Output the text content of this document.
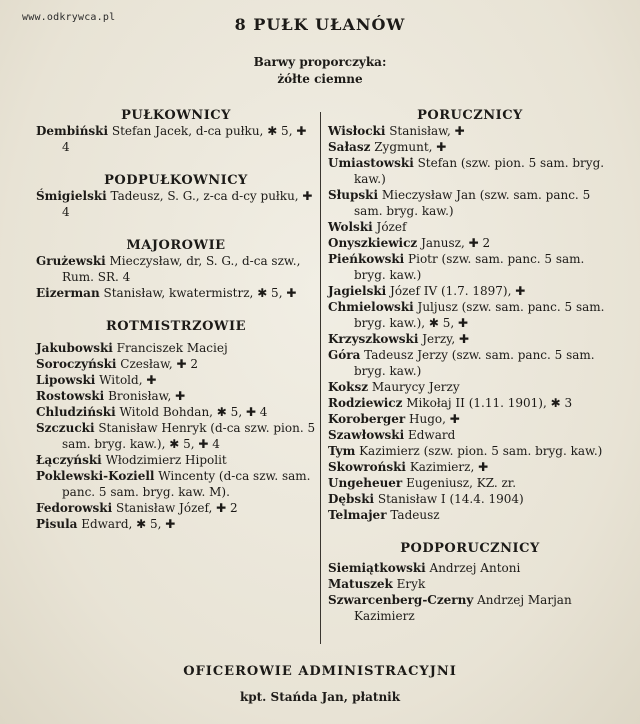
www.odkrywca.pl	8 PUŁK UŁANÓW
Barwy proporczyka:
żółte ciemne

PUŁKOWNICY

Dembiński Stefan Jacek, d-ca pułku, ✱ 5, ✚ 4

PODPUŁKOWNICY

Śmigielski Tadeusz, S. G., z-ca d-cy pułku, ✚ 4

MAJOROWIE

Grużewski Mieczysław, dr, S. G., d-ca szw., Rum. SR. 4

Eizerman Stanisław, kwatermistrz, ✱ 5, ✚

ROTMISTRZOWIE

Jakubowski Franciszek Maciej

Soroczyński Czesław, ✚ 2

Lipowski Witold, ✚

Rostowski Bronisław, ✚

Chludziński Witold Bohdan, ✱ 5, ✚ 4

Szczucki Stanisław Henryk (d-ca szw. pion. 5 sam. bryg. kaw.), ✱ 5, ✚ 4

Łączyński Włodzimierz Hipolit

Poklewski-Koziell Wincenty (d-ca szw. sam. panc. 5 sam. bryg. kaw. M).

Fedorowski Stanisław Józef, ✚ 2

Pisula Edward, ✱ 5, ✚

PORUCZNICY

Wisłocki Stanisław, ✚

Sałasz Zygmunt, ✚

Umiastowski Stefan (szw. pion. 5 sam. bryg. kaw.)

Słupski Mieczysław Jan (szw. sam. panc. 5 sam. bryg. kaw.)

Wolski Józef

Onyszkiewicz Janusz, ✚ 2

Pieńkowski Piotr (szw. sam. panc. 5 sam. bryg. kaw.)

Jagielski Józef IV (1.7. 1897), ✚

Chmielowski Juljusz (szw. sam. panc. 5 sam. bryg. kaw.), ✱ 5, ✚

Krzyszkowski Jerzy, ✚

Góra Tadeusz Jerzy (szw. sam. panc. 5 sam. bryg. kaw.)

Koksz Maurycy Jerzy

Rodziewicz Mikołaj II (1.11. 1901), ✱ 3

Koroberger Hugo, ✚

Szawłowski Edward

Tym Kazimierz (szw. pion. 5 sam. bryg. kaw.)

Skowroński Kazimierz, ✚

Ungeheuer Eugeniusz, KZ. zr.

Dębski Stanisław I (14.4. 1904)

Telmajer Tadeusz

PODPORUCZNICY

Siemiątkowski Andrzej Antoni

Matuszek Eryk

Szwarcenberg-Czerny Andrzej Marjan Kazimierz

OFICEROWIE ADMINISTRACYJNI
kpt. Stańda Jan, płatnik
